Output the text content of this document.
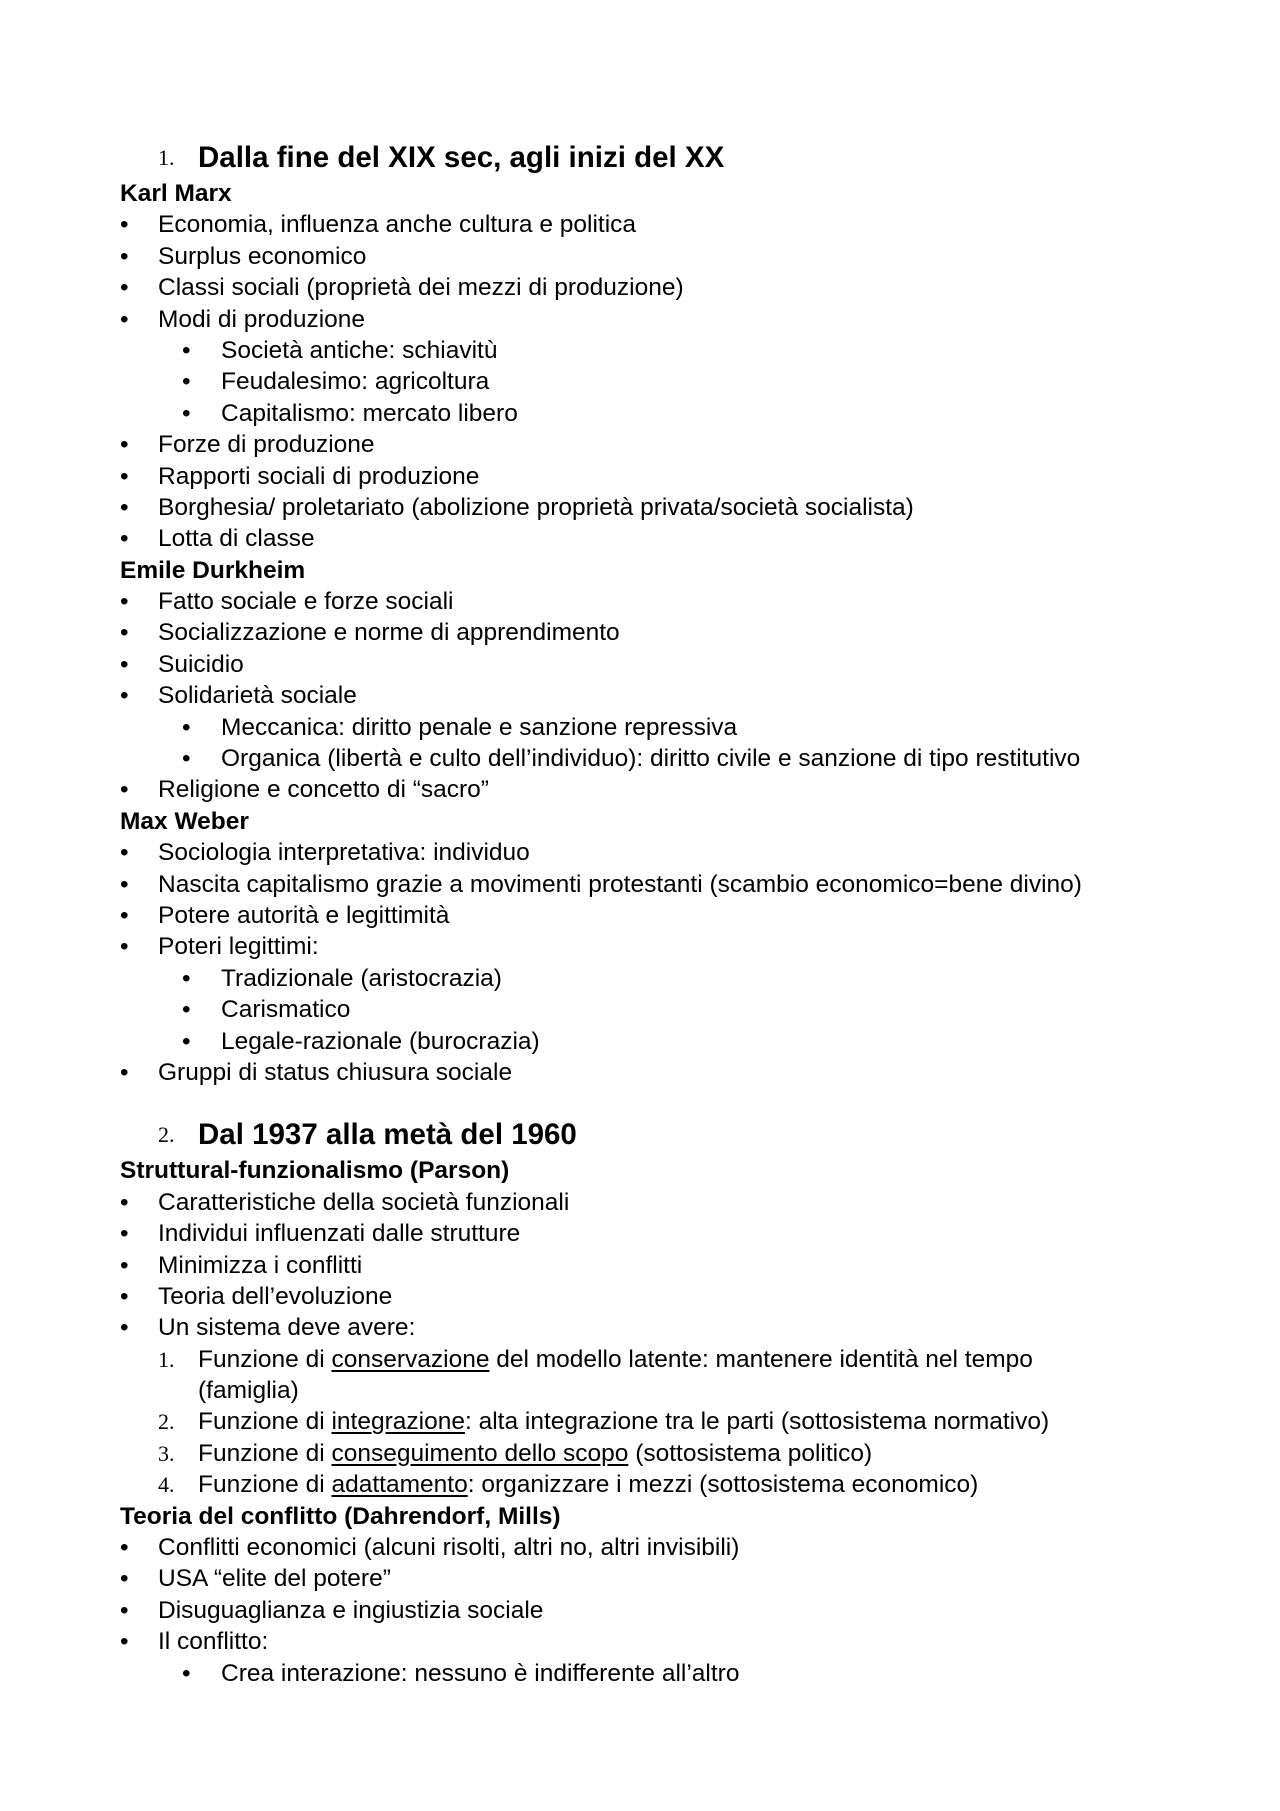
1. Dalla fine del XIX sec, agli inizi del XX
Karl Marx
• Economia, influenza anche cultura e politica
• Surplus economico
• Classi sociali (proprietà dei mezzi di produzione)
• Modi di produzione
• Società antiche: schiavitù
• Feudalesimo: agricoltura
• Capitalismo: mercato libero
• Forze di produzione
• Rapporti sociali di produzione
• Borghesia/ proletariato (abolizione proprietà privata/società socialista)
• Lotta di classe
Emile Durkheim
• Fatto sociale e forze sociali
• Socializzazione e norme di apprendimento
• Suicidio
• Solidarietà sociale
• Meccanica: diritto penale e sanzione repressiva
• Organica (libertà e culto dell’individuo): diritto civile e sanzione di tipo restitutivo
• Religione e concetto di “sacro”
Max Weber
• Sociologia interpretativa: individuo
• Nascita capitalismo grazie a movimenti protestanti (scambio economico=bene divino)
• Potere autorità e legittimità
• Poteri legittimi:
• Tradizionale (aristocrazia)
• Carismatico
• Legale-razionale (burocrazia)
• Gruppi di status chiusura sociale
2. Dal 1937 alla metà del 1960
Struttural-funzionalismo (Parson)
• Caratteristiche della società funzionali
• Individui influenzati dalle strutture
• Minimizza i conflitti
• Teoria dell’evoluzione
• Un sistema deve avere:
1. Funzione di conservazione del modello latente: mantenere identità nel tempo
(famiglia)
2. Funzione di integrazione: alta integrazione tra le parti (sottosistema normativo)
3. Funzione di conseguimento dello scopo (sottosistema politico)
4. Funzione di adattamento: organizzare i mezzi (sottosistema economico)
Teoria del conflitto (Dahrendorf, Mills)
• Conflitti economici (alcuni risolti, altri no, altri invisibili)
• USA “elite del potere”
• Disuguaglianza e ingiustizia sociale
• Il conflitto:
• Crea interazione: nessuno è indifferente all’altro
